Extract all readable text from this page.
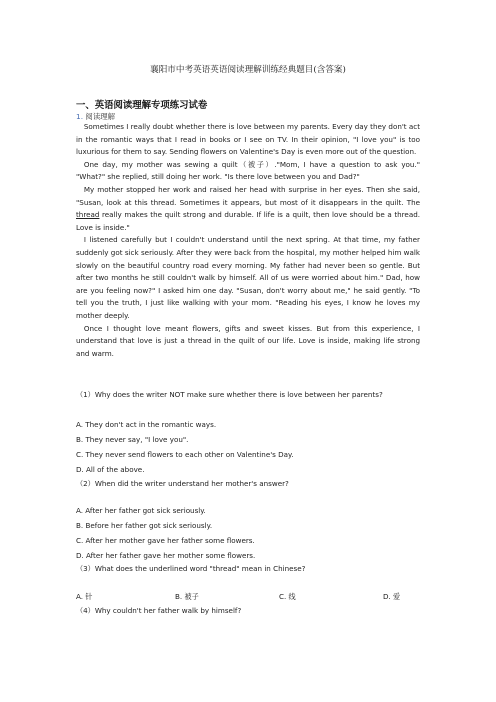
襄阳市中考英语英语阅读理解训练经典题目(含答案)
一、英语阅读理解专项练习试卷
1. 阅读理解

Sometimes I really doubt whether there is love between my parents. Every day they don't act in the romantic ways that I read in books or I see on TV. In their opinion, "I love you" is too luxurious for them to say. Sending flowers on Valentine's Day is even more out of the question.

One day, my mother was sewing a quilt（被子）."Mom, I have a question to ask you." "What?" she replied, still doing her work. "Is there love between you and Dad?"

My mother stopped her work and raised her head with surprise in her eyes. Then she said, "Susan, look at this thread. Sometimes it appears, but most of it disappears in the quilt. The thread really makes the quilt strong and durable. If life is a quilt, then love should be a thread. Love is inside."

I listened carefully but I couldn't understand until the next spring. At that time, my father suddenly got sick seriously. After they were back from the hospital, my mother helped him walk slowly on the beautiful country road every morning. My father had never been so gentle. But after two months he still couldn't walk by himself. All of us were worried about him." Dad, how are you feeling now?" I asked him one day. "Susan, don't worry about me," he said gently. "To tell you the truth, I just like walking with your mom. "Reading his eyes, I know he loves my mother deeply.

Once I thought love meant flowers, gifts and sweet kisses. But from this experience, I understand that love is just a thread in the quilt of our life. Love is inside, making life strong and warm.

（1）Why does the writer NOT make sure whether there is love between her parents?
A. They don't act in the romantic ways.
B. They never say, "I love you".
C. They never send flowers to each other on Valentine's Day.
D. All of the above.
（2）When did the writer understand her mother's answer?
A. After her father got sick seriously.
B. Before her father got sick seriously.
C. After her mother gave her father some flowers.
D. After her father gave her mother some flowers.
（3）What does the underlined word "thread" mean in Chinese?
A. 针	B. 被子	C. 线	D. 爱
（4）Why couldn't her father walk by himself?
